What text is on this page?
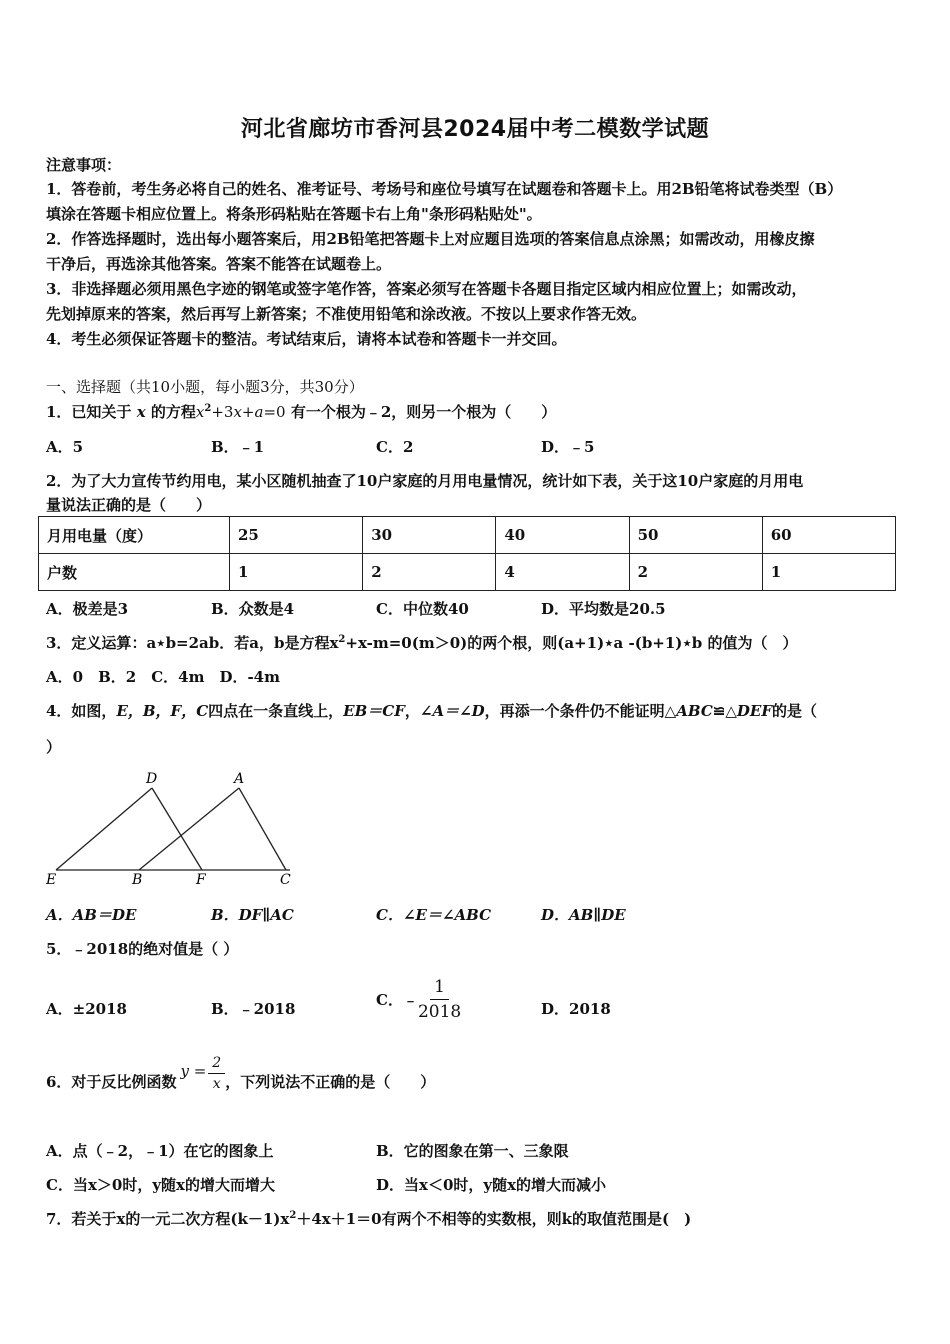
河北省廊坊市香河县2024届中考二模数学试题
注意事项：
1．答卷前，考生务必将自己的姓名、准考证号、考场号和座位号填写在试题卷和答题卡上。用2B铅笔将试卷类型（B）
填涂在答题卡相应位置上。将条形码粘贴在答题卡右上角"条形码粘贴处"。
2．作答选择题时，选出每小题答案后，用2B铅笔把答题卡上对应题目选项的答案信息点涂黑；如需改动，用橡皮擦
干净后，再选涂其他答案。答案不能答在试题卷上。
3．非选择题必须用黑色字迹的钢笔或签字笔作答，答案必须写在答题卡各题目指定区域内相应位置上；如需改动，
先划掉原来的答案，然后再写上新答案；不准使用铅笔和涂改液。不按以上要求作答无效。
4．考生必须保证答题卡的整洁。考试结束后，请将本试卷和答题卡一并交回。
一、选择题（共10小题，每小题3分，共30分）
1．已知关于 x 的方程$x^2+3x+a=0$ 有一个根为﹣2，则另一个根为（　　）
A．5	B．﹣1	C．2	D．﹣5
2．为了大力宣传节约用电，某小区随机抽查了10户家庭的月用电量情况，统计如下表，关于这10户家庭的月用电
量说法正确的是（　　）
月用电量（度）	25	30	40	50	60
户数	1	2	4	2	1
A．极差是3	B．众数是4	C．中位数40	D．平均数是20.5
3．定义运算：a⋆b=2ab．若a，b是方程$x^2+x-m=0(m>0)$的两个根，则(a+1)⋆a -(b+1)⋆b 的值为（　）
A．0　B．2　C．4m　D．-4m
4．如图，E，B，F，C四点在一条直线上，EB＝CF，∠A＝∠D，再添一个条件仍不能证明△ABC≌△DEF的是（
）
D	A
E	B	F	C
A．AB＝DE	B．DF∥AC	C．∠E＝∠ABC	D．AB∥DE
5．﹣2018的绝对值是（ ）
A．±2018	B．﹣2018
C．﹣ $\frac{1}{2018}$	D．2018
6．对于反比例函数
$y = \frac{2}{x}$ ，下列说法不正确的是（　　）
A．点（﹣2，﹣1）在它的图象上	B．它的图象在第一、三象限
C．当x＞0时，y随x的增大而增大	D．当x＜0时，y随x的增大而减小
7．若关于x的一元二次方程$(k-1)x^2+4x+1=0$有两个不相等的实数根，则k的取值范围是(　)
